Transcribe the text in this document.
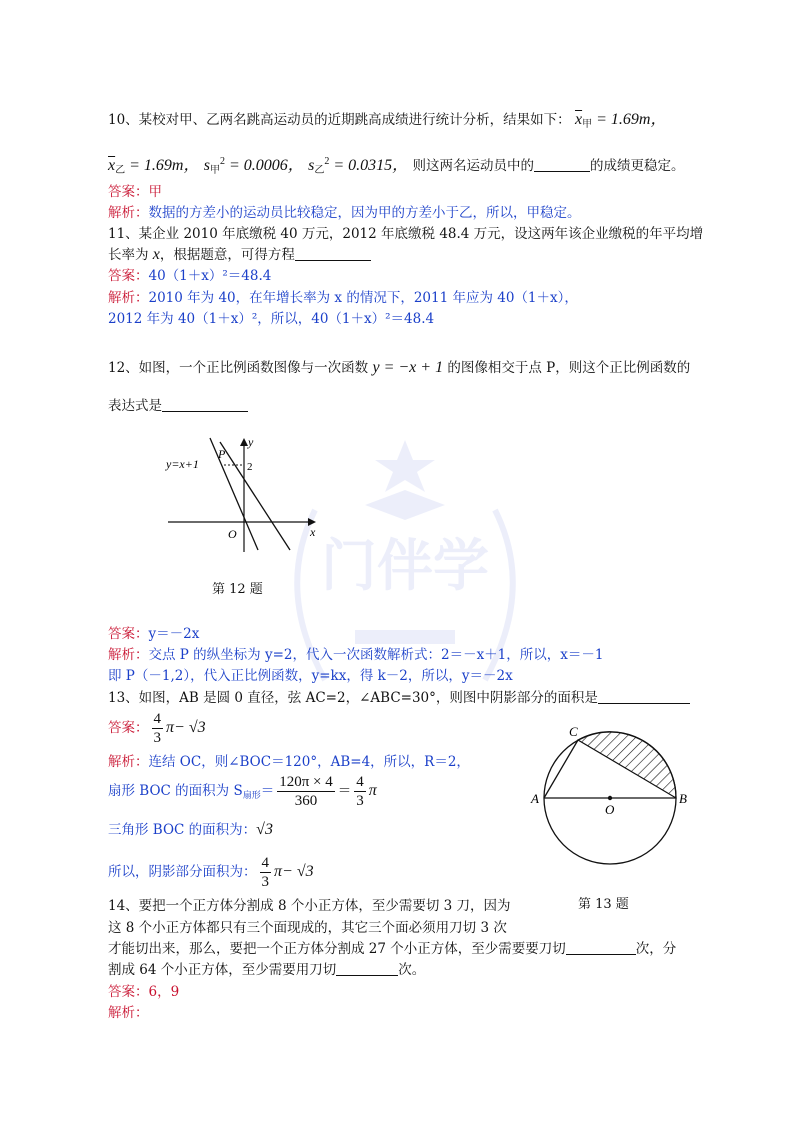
门伴学
10、某校对甲、乙两名跳高运动员的近期跳高成绩进行统计分析，结果如下： $\overline{x}_甲 = 1.69m$，
$\overline{x}_乙 = 1.69m$， $s_甲^2 = 0.0006$， $s_乙^2 = 0.0315$， 则这两名运动员中的	的成绩更稳定。
答案：甲
解析：数据的方差小的运动员比较稳定，因为甲的方差小于乙，所以，甲稳定。
11、某企业 2010 年底缴税 40 万元，2012 年底缴税 48.4 万元，设这两年该企业缴税的年平均增
长率为 x，根据题意，可得方程
答案：40（1＋x）²＝48.4
解析：2010 年为 40，在年增长率为 x 的情况下，2011 年应为 40（1＋x），
2012 年为 40（1＋x）²，所以，40（1＋x）²＝48.4
12、如图，一个正比例函数图像与一次函数 y = −x + 1 的图像相交于点 P，则这个正比例函数的
表达式是
y=x+1
P
y
x
O
2
第 12 题
答案：y＝－2x
解析：交点 P 的纵坐标为 y=2，代入一次函数解析式：2＝－x＋1，所以，x＝－1
即 P（－1,2），代入正比例函数，y=kx，得 k－2，所以，y＝－2x
13、如图，AB 是圆 0 直径，弦 AC=2，∠ABC=30°，则图中阴影部分的面积是
答案： $\frac{4}{3} \pi- √3$
解析：连结 OC，则∠BOC＝120°，AB=4，所以，R＝2，
扇形 BOC 的面积为 $S_{扇形}= \frac{120\pi \times 4}{360} = \frac{4}{3}$ π
三角形 BOC 的面积为：√3
所以，阴影部分面积为： $\frac{4}{3} \pi- √3$
A	B
C
O
第 13 题
14、要把一个正方体分割成 8 个小正方体，至少需要切 3 刀，因为
这 8 个小正方体都只有三个面现成的，其它三个面必须用刀切 3 次
才能切出来，那么，要把一个正方体分割成 27 个小正方体，至少需要要刀切	次，分
割成 64 个小正方体，至少需要用刀切	次。
答案：6，9
解析：
